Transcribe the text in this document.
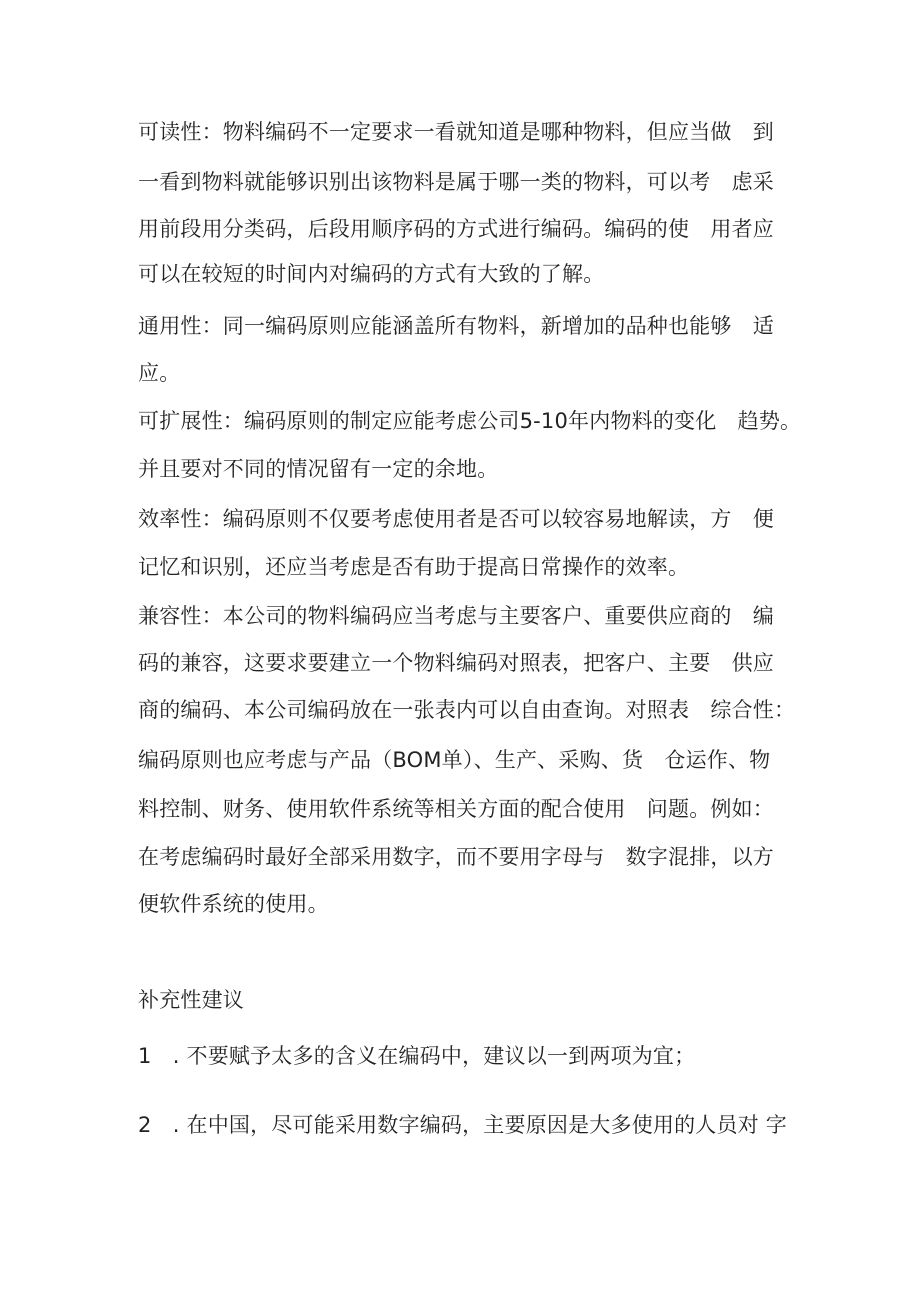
可读性：物料编码不一定要求一看就知道是哪种物料，但应当做　到
一看到物料就能够识别出该物料是属于哪一类的物料，可以考　虑采
用前段用分类码，后段用顺序码的方式进行编码。编码的使　用者应
可以在较短的时间内对编码的方式有大致的了解。
通用性：同一编码原则应能涵盖所有物料，新增加的品种也能够　适
应。
可扩展性：编码原则的制定应能考虑公司5-10年内物料的变化　趋势。
并且要对不同的情况留有一定的余地。
效率性：编码原则不仅要考虑使用者是否可以较容易地解读，方　便
记忆和识别，还应当考虑是否有助于提高日常操作的效率。
兼容性：本公司的物料编码应当考虑与主要客户、重要供应商的　编
码的兼容，这要求要建立一个物料编码对照表，把客户、主要　供应
商的编码、本公司编码放在一张表内可以自由查询。对照表　综合性：
编码原则也应考虑与产品（BOM单）、生产、采购、货　仓运作、物
料控制、财务、使用软件系统等相关方面的配合使用　问题。例如：
在考虑编码时最好全部采用数字，而不要用字母与　数字混排，以方
便软件系统的使用。
补充性建议
1　. 不要赋予太多的含义在编码中，建议以一到两项为宜；
2　. 在中国，尽可能采用数字编码，主要原因是大多使用的人员对 字
